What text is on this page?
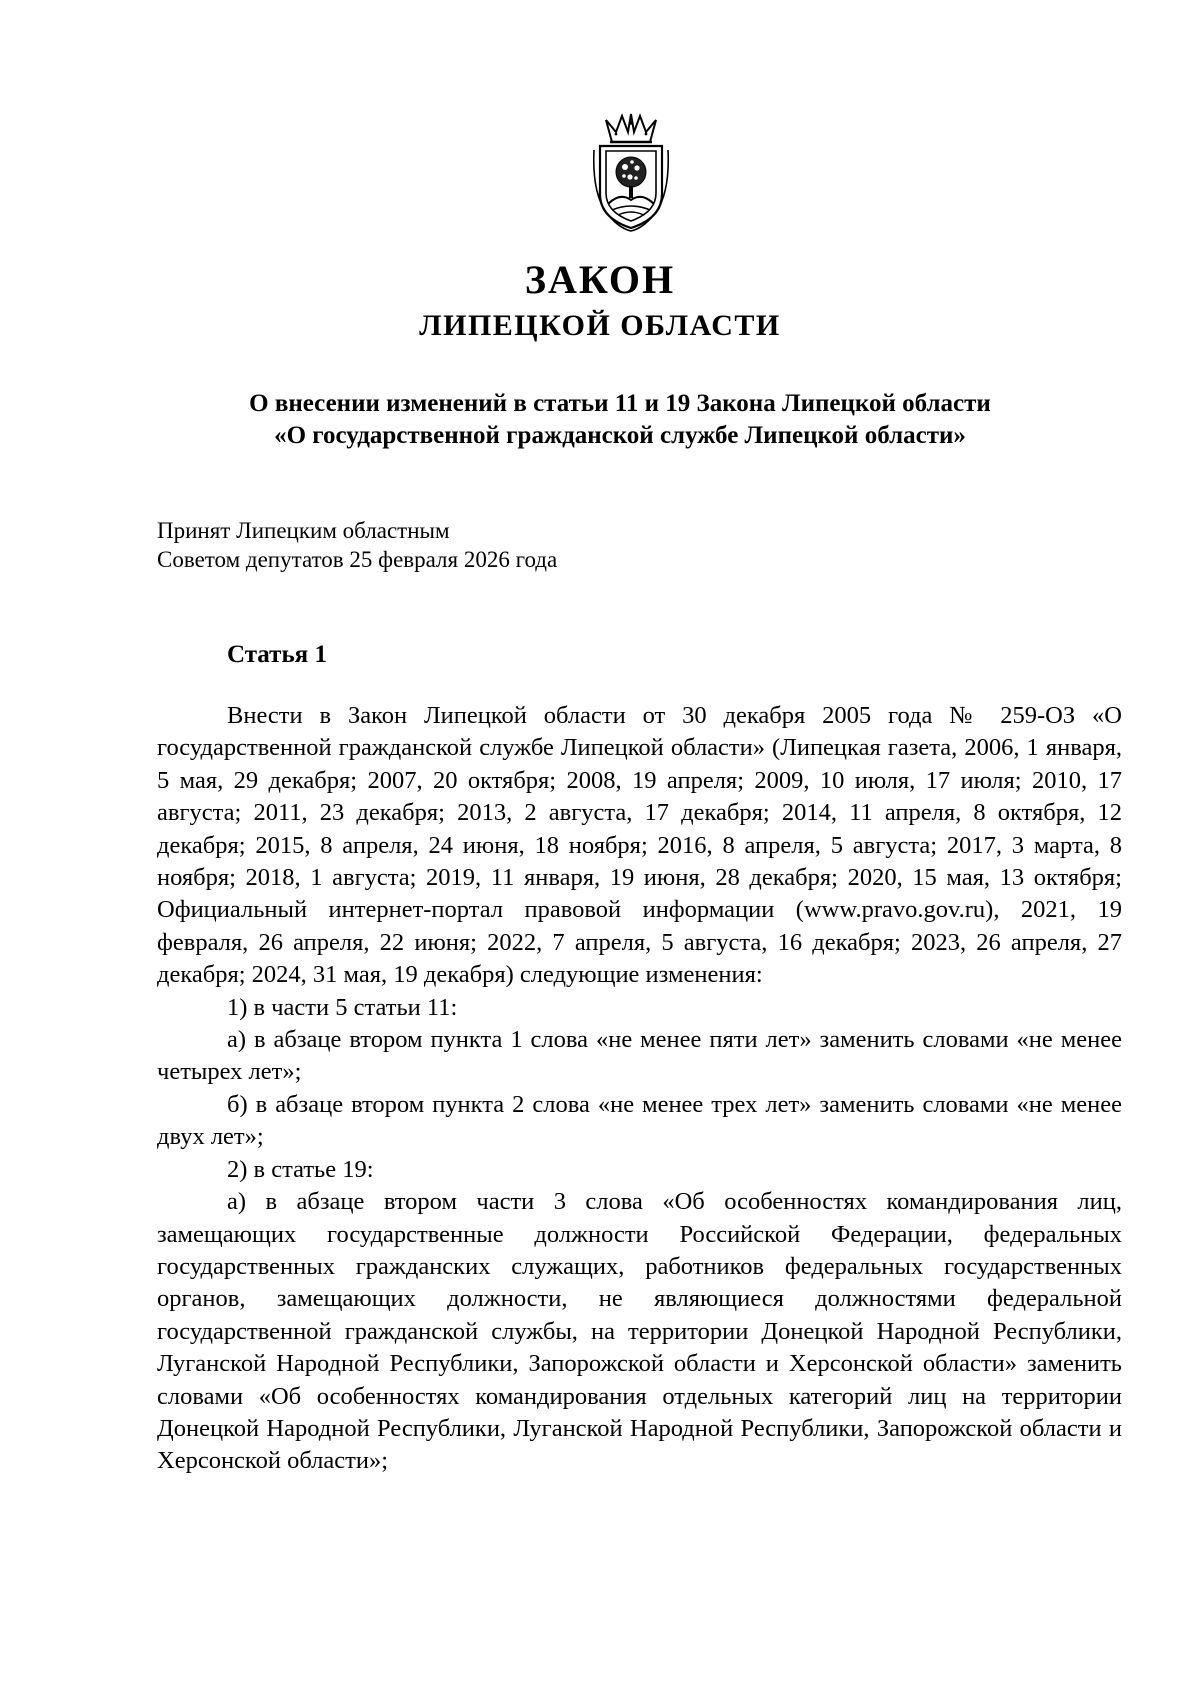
ЗАКОН
ЛИПЕЦКОЙ ОБЛАСТИ
О внесении изменений в статьи 11 и 19 Закона Липецкой области
«О государственной гражданской службе Липецкой области»
Принят Липецким областным
Советом депутатов 25 февраля 2026 года
Статья 1

Внести в Закон Липецкой области от 30 декабря 2005 года № 259-ОЗ «О государственной гражданской службе Липецкой области» (Липецкая газета, 2006, 1 января, 5 мая, 29 декабря; 2007, 20 октября; 2008, 19 апреля; 2009, 10 июля, 17 июля; 2010, 17 августа; 2011, 23 декабря; 2013, 2 августа, 17 декабря; 2014, 11 апреля, 8 октября, 12 декабря; 2015, 8 апреля, 24 июня, 18 ноября; 2016, 8 апреля, 5 августа; 2017, 3 марта, 8 ноября; 2018, 1 августа; 2019, 11 января, 19 июня, 28 декабря; 2020, 15 мая, 13 октября; Официальный интернет-портал правовой информации (www.pravo.gov.ru), 2021, 19 февраля, 26 апреля, 22 июня; 2022, 7 апреля, 5 августа, 16 декабря; 2023, 26 апреля, 27 декабря; 2024, 31 мая, 19 декабря) следующие изменения:

1) в части 5 статьи 11:

а) в абзаце втором пункта 1 слова «не менее пяти лет» заменить словами «не менее четырех лет»;

б) в абзаце втором пункта 2 слова «не менее трех лет» заменить словами «не менее двух лет»;

2) в статье 19:

а) в абзаце втором части 3 слова «Об особенностях командирования лиц, замещающих государственные должности Российской Федерации, федеральных государственных гражданских служащих, работников федеральных государственных органов, замещающих должности, не являющиеся должностями федеральной государственной гражданской службы, на территории Донецкой Народной Республики, Луганской Народной Республики, Запорожской области и Херсонской области» заменить словами «Об особенностях командирования отдельных категорий лиц на территории Донецкой Народной Республики, Луганской Народной Республики, Запорожской области и Херсонской области»;
